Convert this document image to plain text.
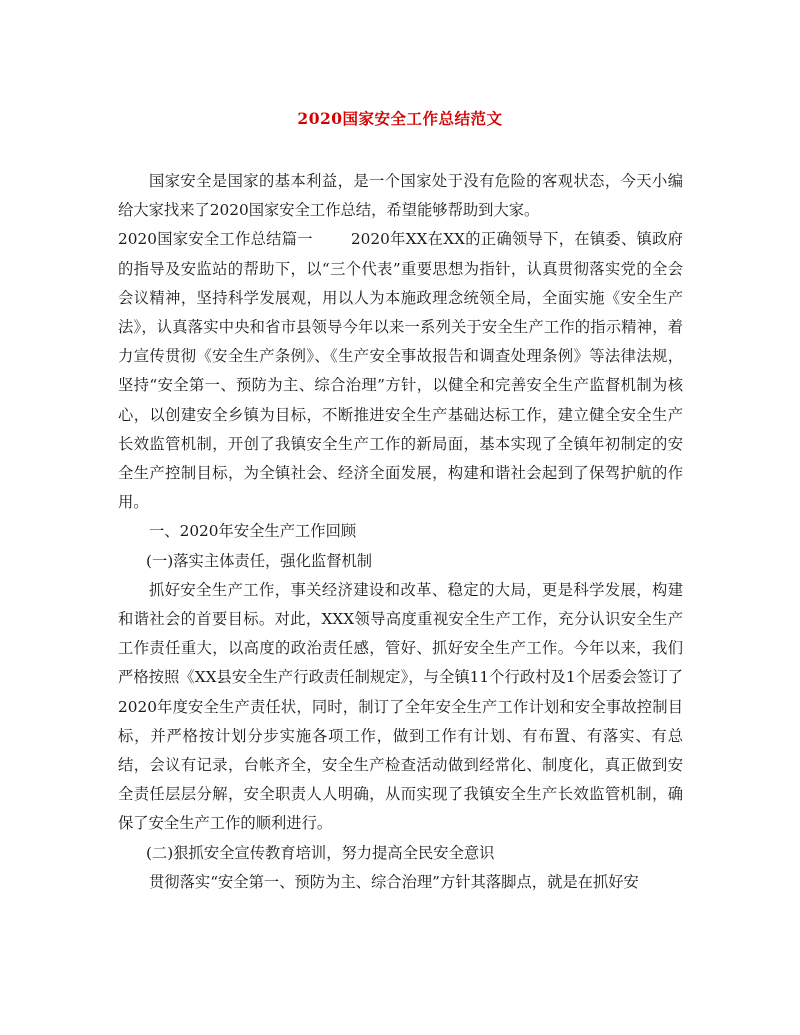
2020国家安全工作总结范文

国家安全是国家的基本利益，是一个国家处于没有危险的客观状态，今天小编给大家找来了2020国家安全工作总结，希望能够帮助到大家。

2020国家安全工作总结篇一 2020年XX在XX的正确领导下，在镇委、镇政府的指导及安监站的帮助下，以“三个代表”重要思想为指针，认真贯彻落实党的全会会议精神，坚持科学发展观，用以人为本施政理念统领全局，全面实施《安全生产法》，认真落实中央和省市县领导今年以来一系列关于安全生产工作的指示精神，着力宣传贯彻《安全生产条例》、《生产安全事故报告和调查处理条例》等法律法规，坚持“安全第一、预防为主、综合治理”方针，以健全和完善安全生产监督机制为核心，以创建安全乡镇为目标，不断推进安全生产基础达标工作，建立健全安全生产长效监管机制，开创了我镇安全生产工作的新局面，基本实现了全镇年初制定的安全生产控制目标，为全镇社会、经济全面发展，构建和谐社会起到了保驾护航的作用。

一、2020年安全生产工作回顾

(一)落实主体责任，强化监督机制

抓好安全生产工作，事关经济建设和改革、稳定的大局，更是科学发展，构建和谐社会的首要目标。对此，XXX领导高度重视安全生产工作，充分认识安全生产工作责任重大，以高度的政治责任感，管好、抓好安全生产工作。今年以来，我们严格按照《XX县安全生产行政责任制规定》，与全镇11个行政村及1个居委会签订了2020年度安全生产责任状，同时，制订了全年安全生产工作计划和安全事故控制目标，并严格按计划分步实施各项工作，做到工作有计划、有布置、有落实、有总结，会议有记录，台帐齐全，安全生产检查活动做到经常化、制度化，真正做到安全责任层层分解，安全职责人人明确，从而实现了我镇安全生产长效监管机制，确保了安全生产工作的顺利进行。

(二)狠抓安全宣传教育培训，努力提高全民安全意识

贯彻落实“安全第一、预防为主、综合治理”方针其落脚点，就是在抓好安
